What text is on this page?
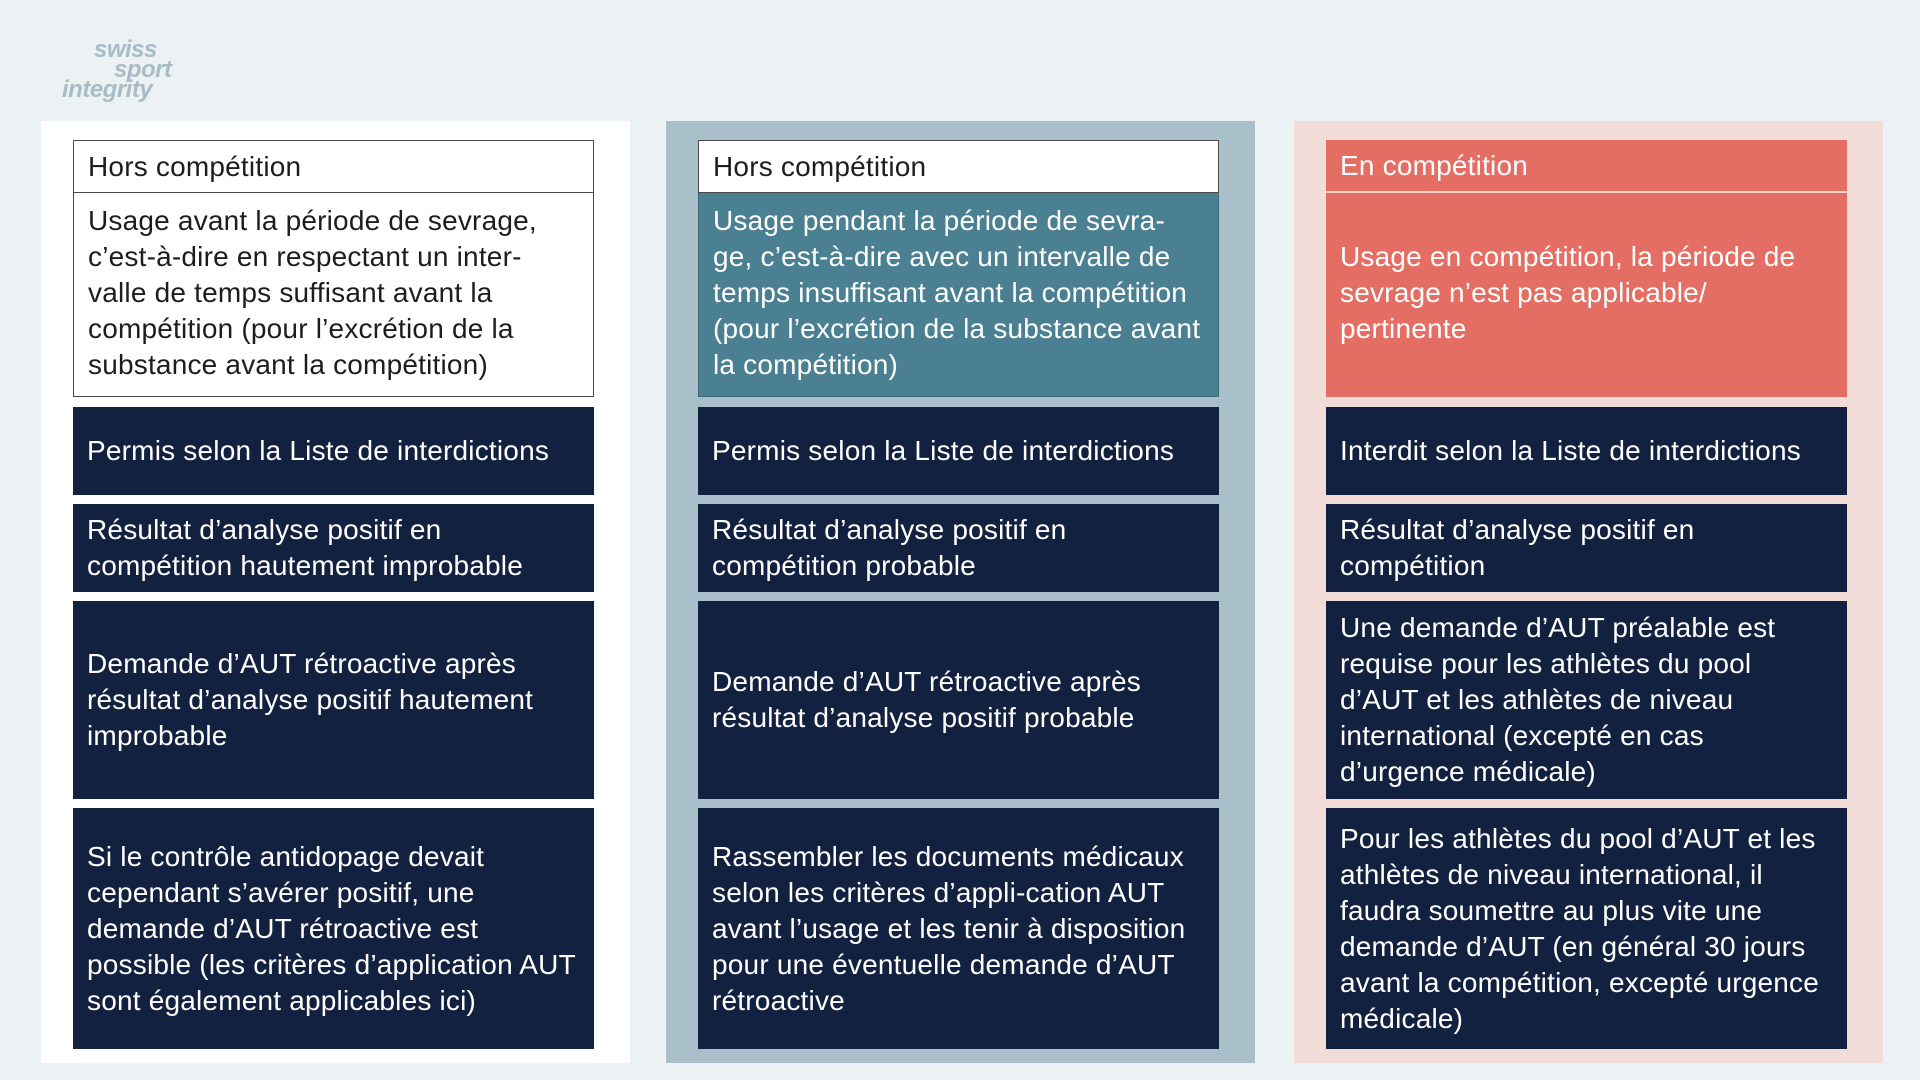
swiss
sport
integrity
Hors compétition
Usage avant la période de sevrage, c’est-à-dire en respectant un inter-valle de temps suffisant avant la compétition (pour l’excrétion de la substance avant la compétition)
Permis selon la Liste de interdictions
Résultat d’analyse positif en compétition hautement improbable
Demande d’AUT rétroactive après résultat d’analyse positif hautement improbable
Si le contrôle antidopage devait cependant s’avérer positif, une demande d’AUT rétroactive est possible (les critères d’application AUT sont également applicables ici)
Hors compétition
Usage pendant la période de sevra-ge, c’est-à-dire avec un intervalle de temps insuffisant avant la compétition (pour l’excrétion de la substance avant la compétition)
Permis selon la Liste de interdictions
Résultat d’analyse positif en compétition probable
Demande d’AUT rétroactive après résultat d’analyse positif probable
Rassembler les documents médicaux selon les critères d’appli-cation AUT avant l’usage et les tenir à disposition pour une éventuelle demande d’AUT rétroactive
En compétition
Usage en compétition, la période de sevrage n’est pas applicable/ pertinente
Interdit selon la Liste de interdictions
Résultat d’analyse positif en compétition
Une demande d’AUT préalable est requise pour les athlètes du pool d’AUT et les athlètes de niveau international (excepté en cas d’urgence médicale)
Pour les athlètes du pool d’AUT et les athlètes de niveau international, il faudra soumettre au plus vite une demande d’AUT (en général 30 jours avant la compétition, excepté urgence médicale)
